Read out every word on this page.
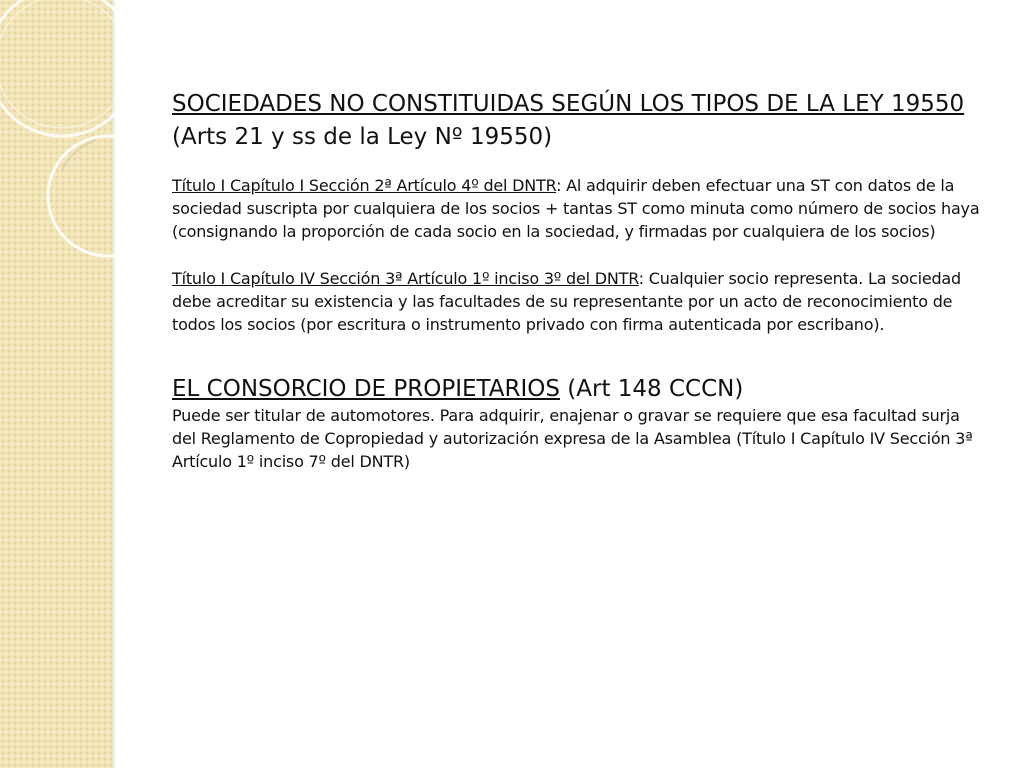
SOCIEDADES NO CONSTITUIDAS SEGÚN LOS TIPOS DE LA LEY 19550 (Arts 21 y ss de la Ley Nº 19550)

Título I Capítulo I Sección 2ª Artículo 4º del DNTR: Al adquirir deben efectuar una ST con datos de la sociedad suscripta por cualquiera de los socios + tantas ST como minuta como número de socios haya (consignando la proporción de cada socio en la sociedad, y firmadas por cualquiera de los socios)

Título I Capítulo IV Sección 3ª Artículo 1º inciso 3º del DNTR: Cualquier socio representa. La sociedad debe acreditar su existencia y las facultades de su representante por un acto de reconocimiento de todos los socios (por escritura o instrumento privado con firma autenticada por escribano).

EL CONSORCIO DE PROPIETARIOS (Art 148 CCCN)

Puede ser titular de automotores. Para adquirir, enajenar o gravar se requiere que esa facultad surja del Reglamento de Copropiedad y autorización expresa de la Asamblea (Título I Capítulo IV Sección 3ª Artículo 1º inciso 7º del DNTR)
